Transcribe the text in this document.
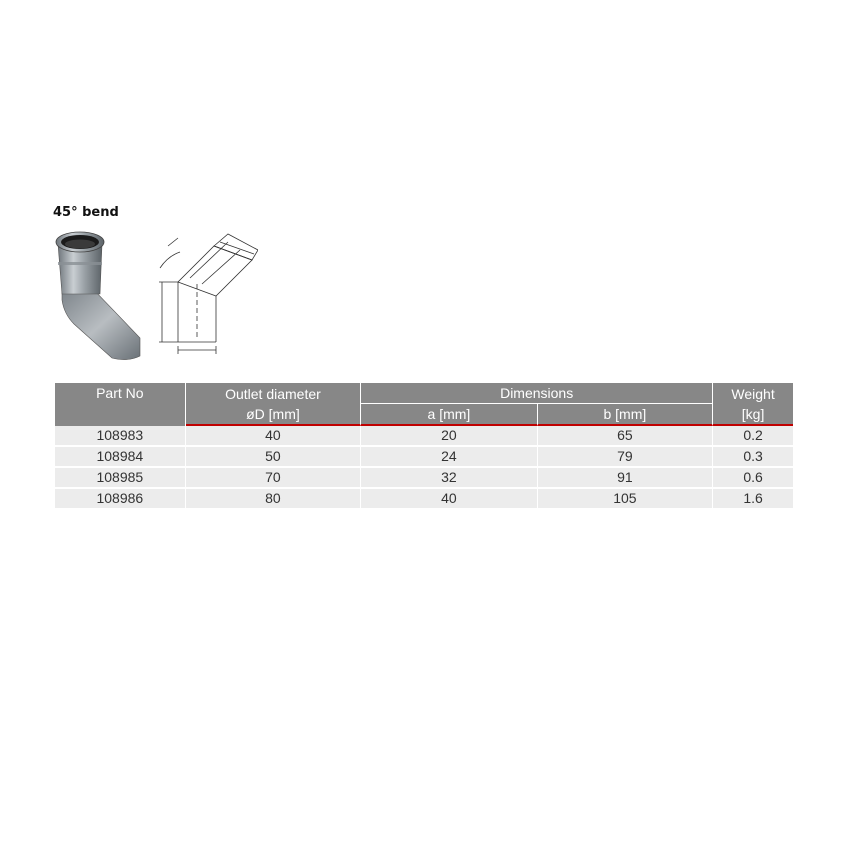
45° bend
Part No	Outlet diameter	Dimensions		Weight
	øD [mm]	a [mm]	b [mm]	[kg]
108983	40	20	65	0.2
108984	50	24	79	0.3
108985	70	32	91	0.6
108986	80	40	105	1.6
